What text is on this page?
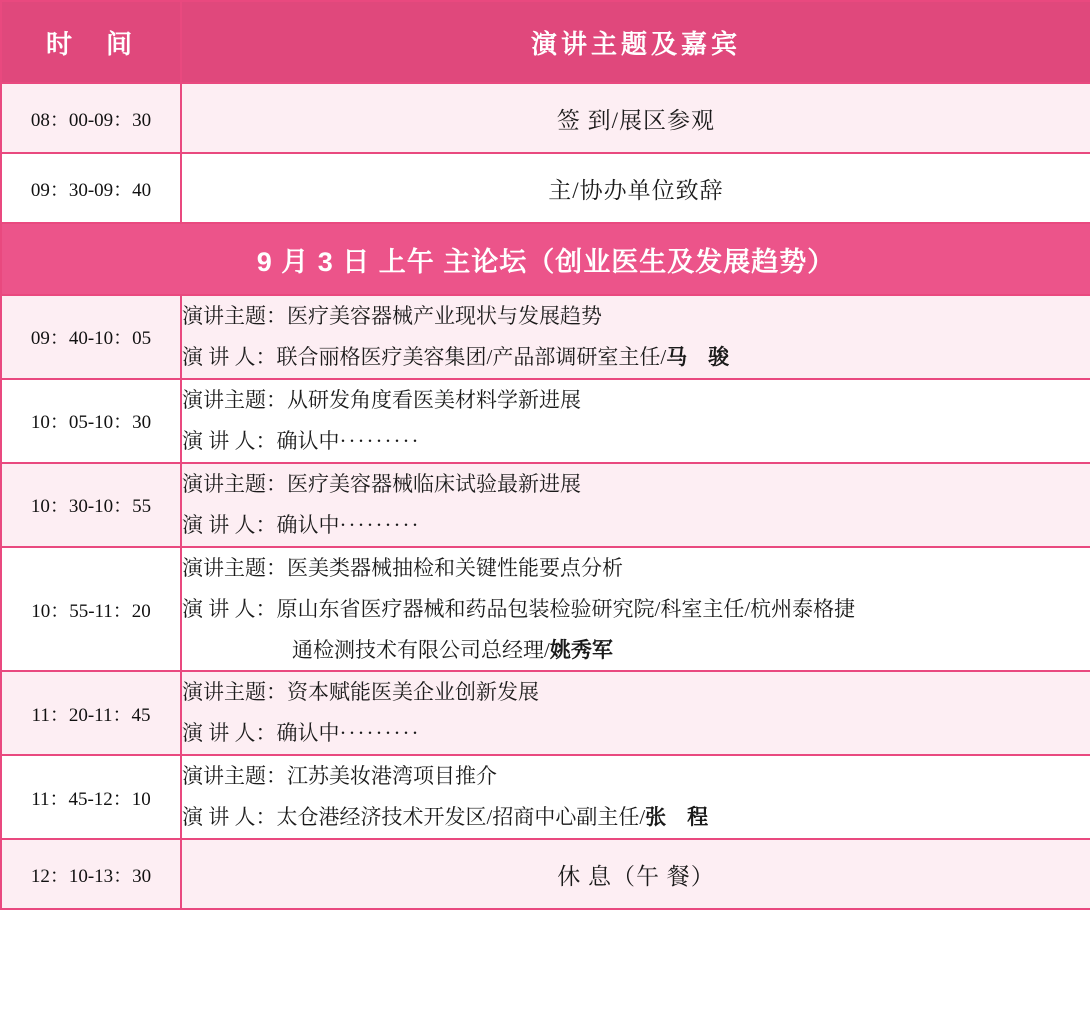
时　间	演讲主题及嘉宾
08：00-09：30	签 到/展区参观
09：30-09：40	主/协办单位致辞
9 月 3 日 上午 主论坛（创业医生及发展趋势）	
09：40-10：05	演讲主题：医疗美容器械产业现状与发展趋势
演 讲 人：联合丽格医疗美容集团/产品部调研室主任/马　骏

10：05-10：30	演讲主题：从研发角度看医美材料学新进展
演 讲 人：确认中·········

10：30-10：55	演讲主题：医疗美容器械临床试验最新进展
演 讲 人：确认中·········

10：55-11：20	演讲主题：医美类器械抽检和关键性能要点分析
演 讲 人：原山东省医疗器械和药品包装检验研究院/科室主任/杭州泰格捷
通检测技术有限公司总经理/姚秀军

11：20-11：45	演讲主题：资本赋能医美企业创新发展
演 讲 人：确认中·········

11：45-12：10	演讲主题：江苏美妆港湾项目推介
演 讲 人：太仓港经济技术开发区/招商中心副主任/张　程

12：10-13：30	休 息（午 餐）
